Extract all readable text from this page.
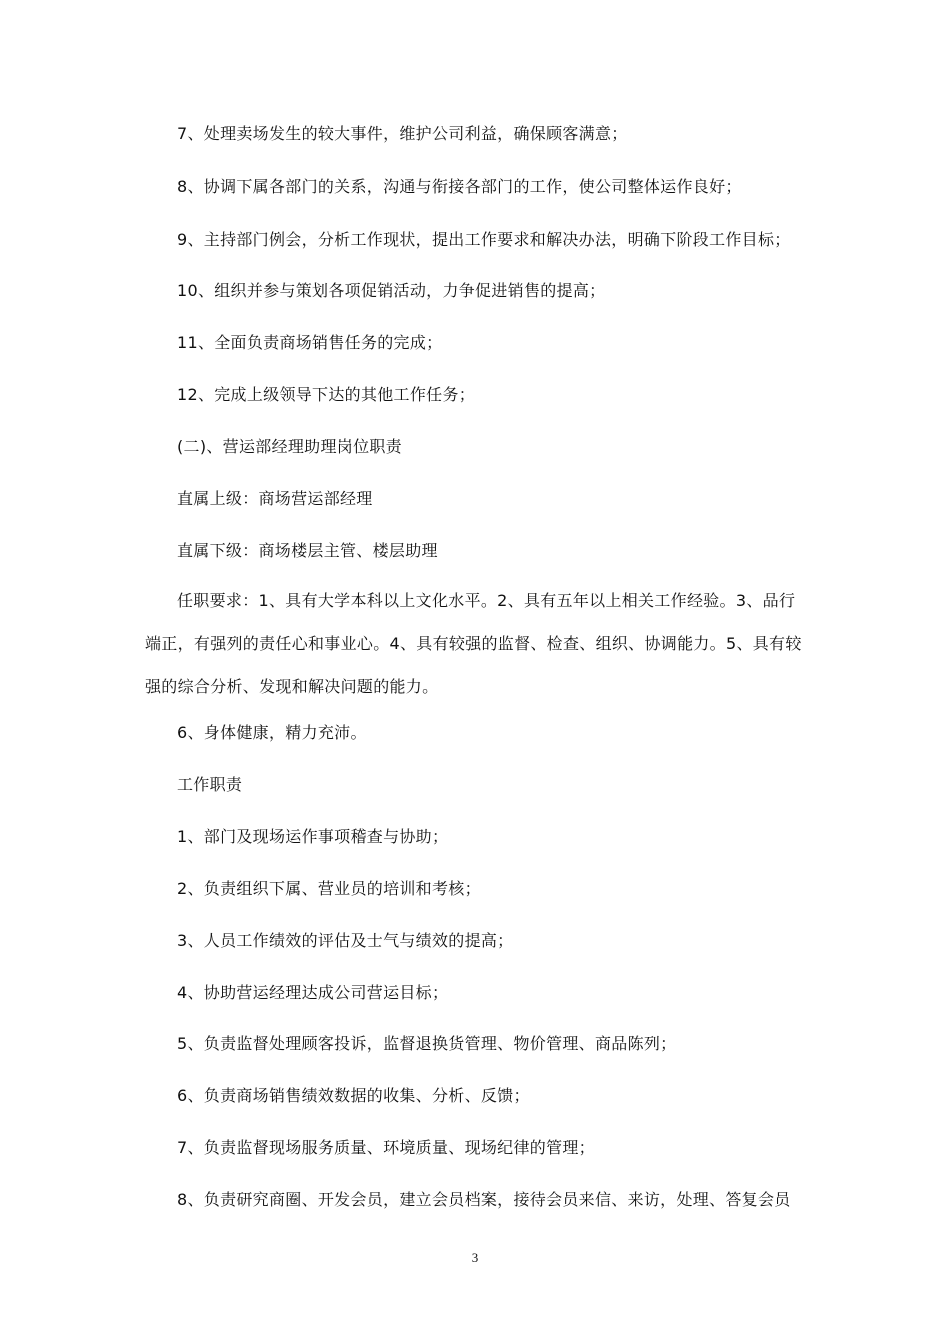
7、处理卖场发生的较大事件，维护公司利益，确保顾客满意；
8、协调下属各部门的关系，沟通与衔接各部门的工作，使公司整体运作良好；
9、主持部门例会，分析工作现状，提出工作要求和解决办法，明确下阶段工作目标；
10、组织并参与策划各项促销活动，力争促进销售的提高；
11、全面负责商场销售任务的完成；
12、完成上级领导下达的其他工作任务；
(二)、营运部经理助理岗位职责
直属上级：商场营运部经理
直属下级：商场楼层主管、楼层助理
任职要求：1、具有大学本科以上文化水平。2、具有五年以上相关工作经验。3、品行端正，有强列的责任心和事业心。4、具有较强的监督、检查、组织、协调能力。5、具有较强的综合分析、发现和解决问题的能力。
6、身体健康，精力充沛。
工作职责
1、部门及现场运作事项稽查与协助；
2、负责组织下属、营业员的培训和考核；
3、人员工作绩效的评估及士气与绩效的提高；
4、协助营运经理达成公司营运目标；
5、负责监督处理顾客投诉，监督退换货管理、物价管理、商品陈列；
6、负责商场销售绩效数据的收集、分析、反馈；
7、负责监督现场服务质量、环境质量、现场纪律的管理；
8、负责研究商圈、开发会员，建立会员档案，接待会员来信、来访，处理、答复会员
3
